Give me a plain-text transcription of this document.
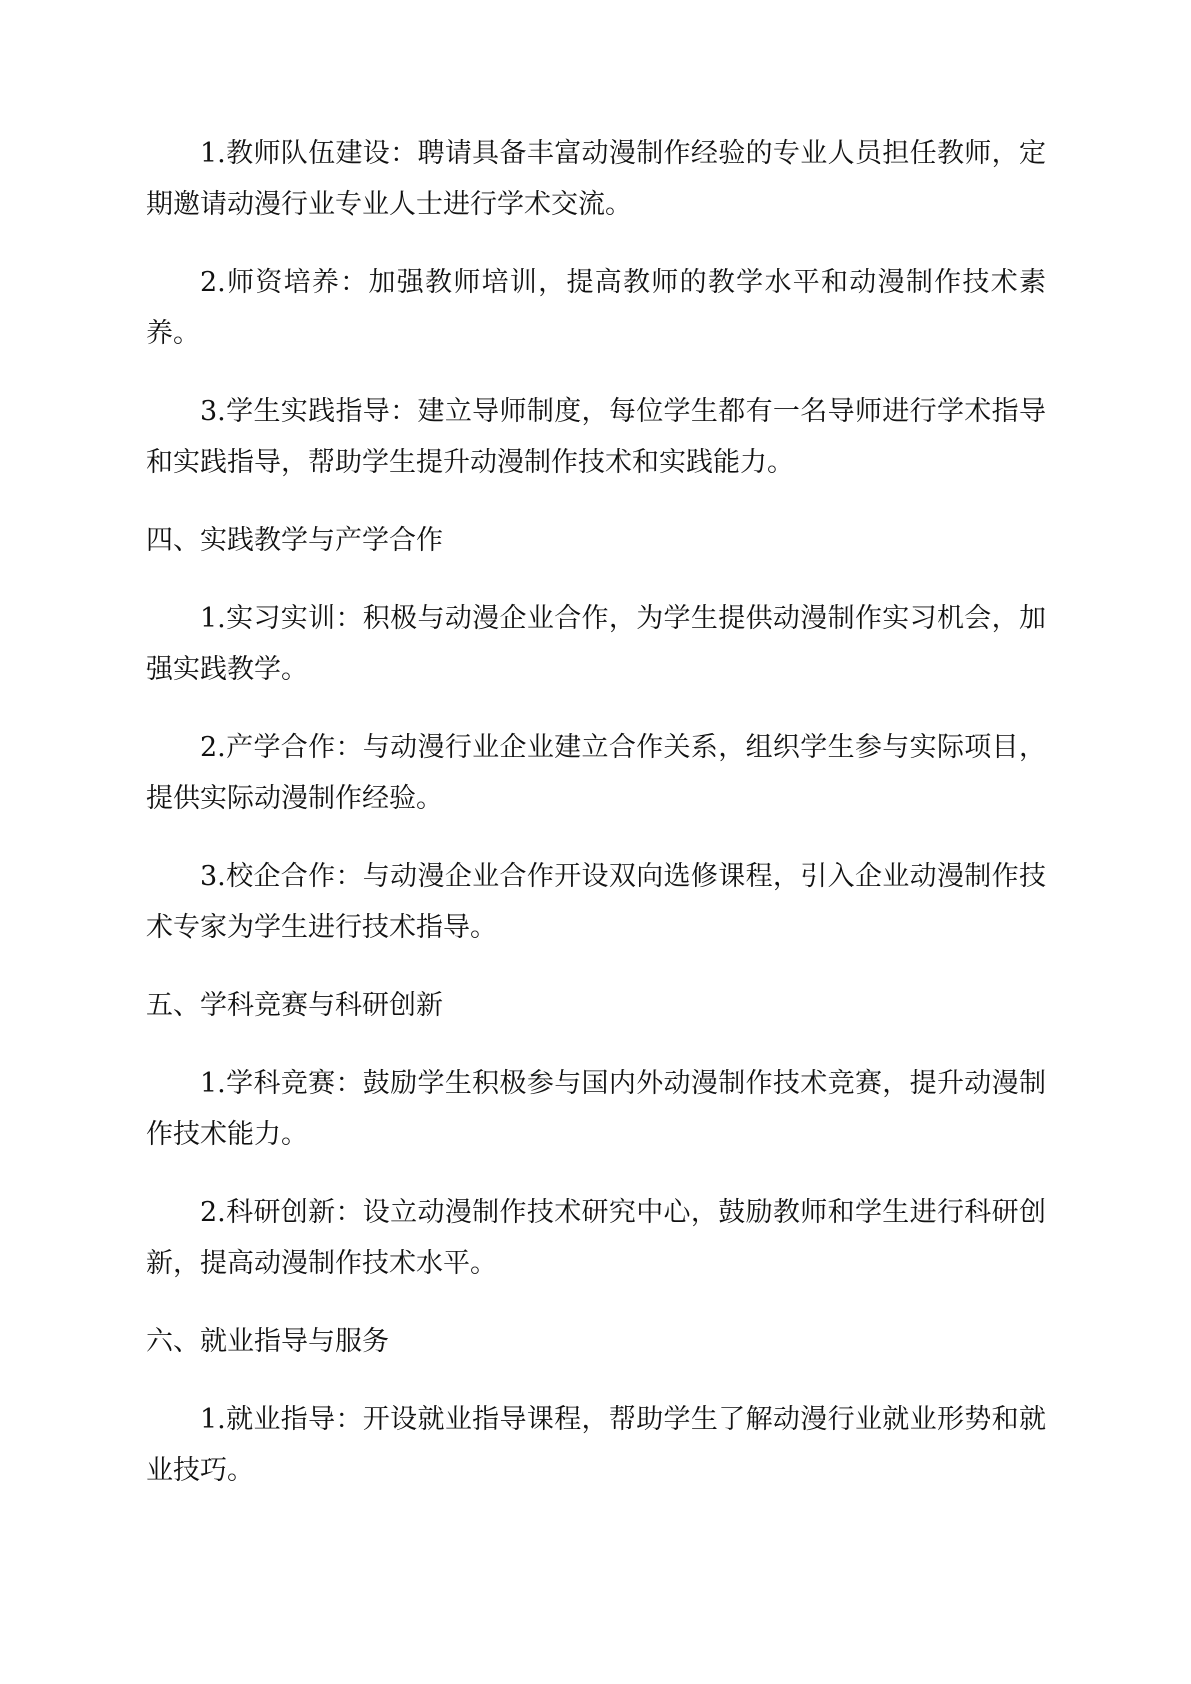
1.教师队伍建设：聘请具备丰富动漫制作经验的专业人员担任教师，定期邀请动漫行业专业人士进行学术交流。

2.师资培养：加强教师培训，提高教师的教学水平和动漫制作技术素养。

3.学生实践指导：建立导师制度，每位学生都有一名导师进行学术指导和实践指导，帮助学生提升动漫制作技术和实践能力。

四、实践教学与产学合作

1.实习实训：积极与动漫企业合作，为学生提供动漫制作实习机会，加强实践教学。

2.产学合作：与动漫行业企业建立合作关系，组织学生参与实际项目，提供实际动漫制作经验。

3.校企合作：与动漫企业合作开设双向选修课程，引入企业动漫制作技术专家为学生进行技术指导。

五、学科竞赛与科研创新

1.学科竞赛：鼓励学生积极参与国内外动漫制作技术竞赛，提升动漫制作技术能力。

2.科研创新：设立动漫制作技术研究中心，鼓励教师和学生进行科研创新，提高动漫制作技术水平。

六、就业指导与服务

1.就业指导：开设就业指导课程，帮助学生了解动漫行业就业形势和就业技巧。
